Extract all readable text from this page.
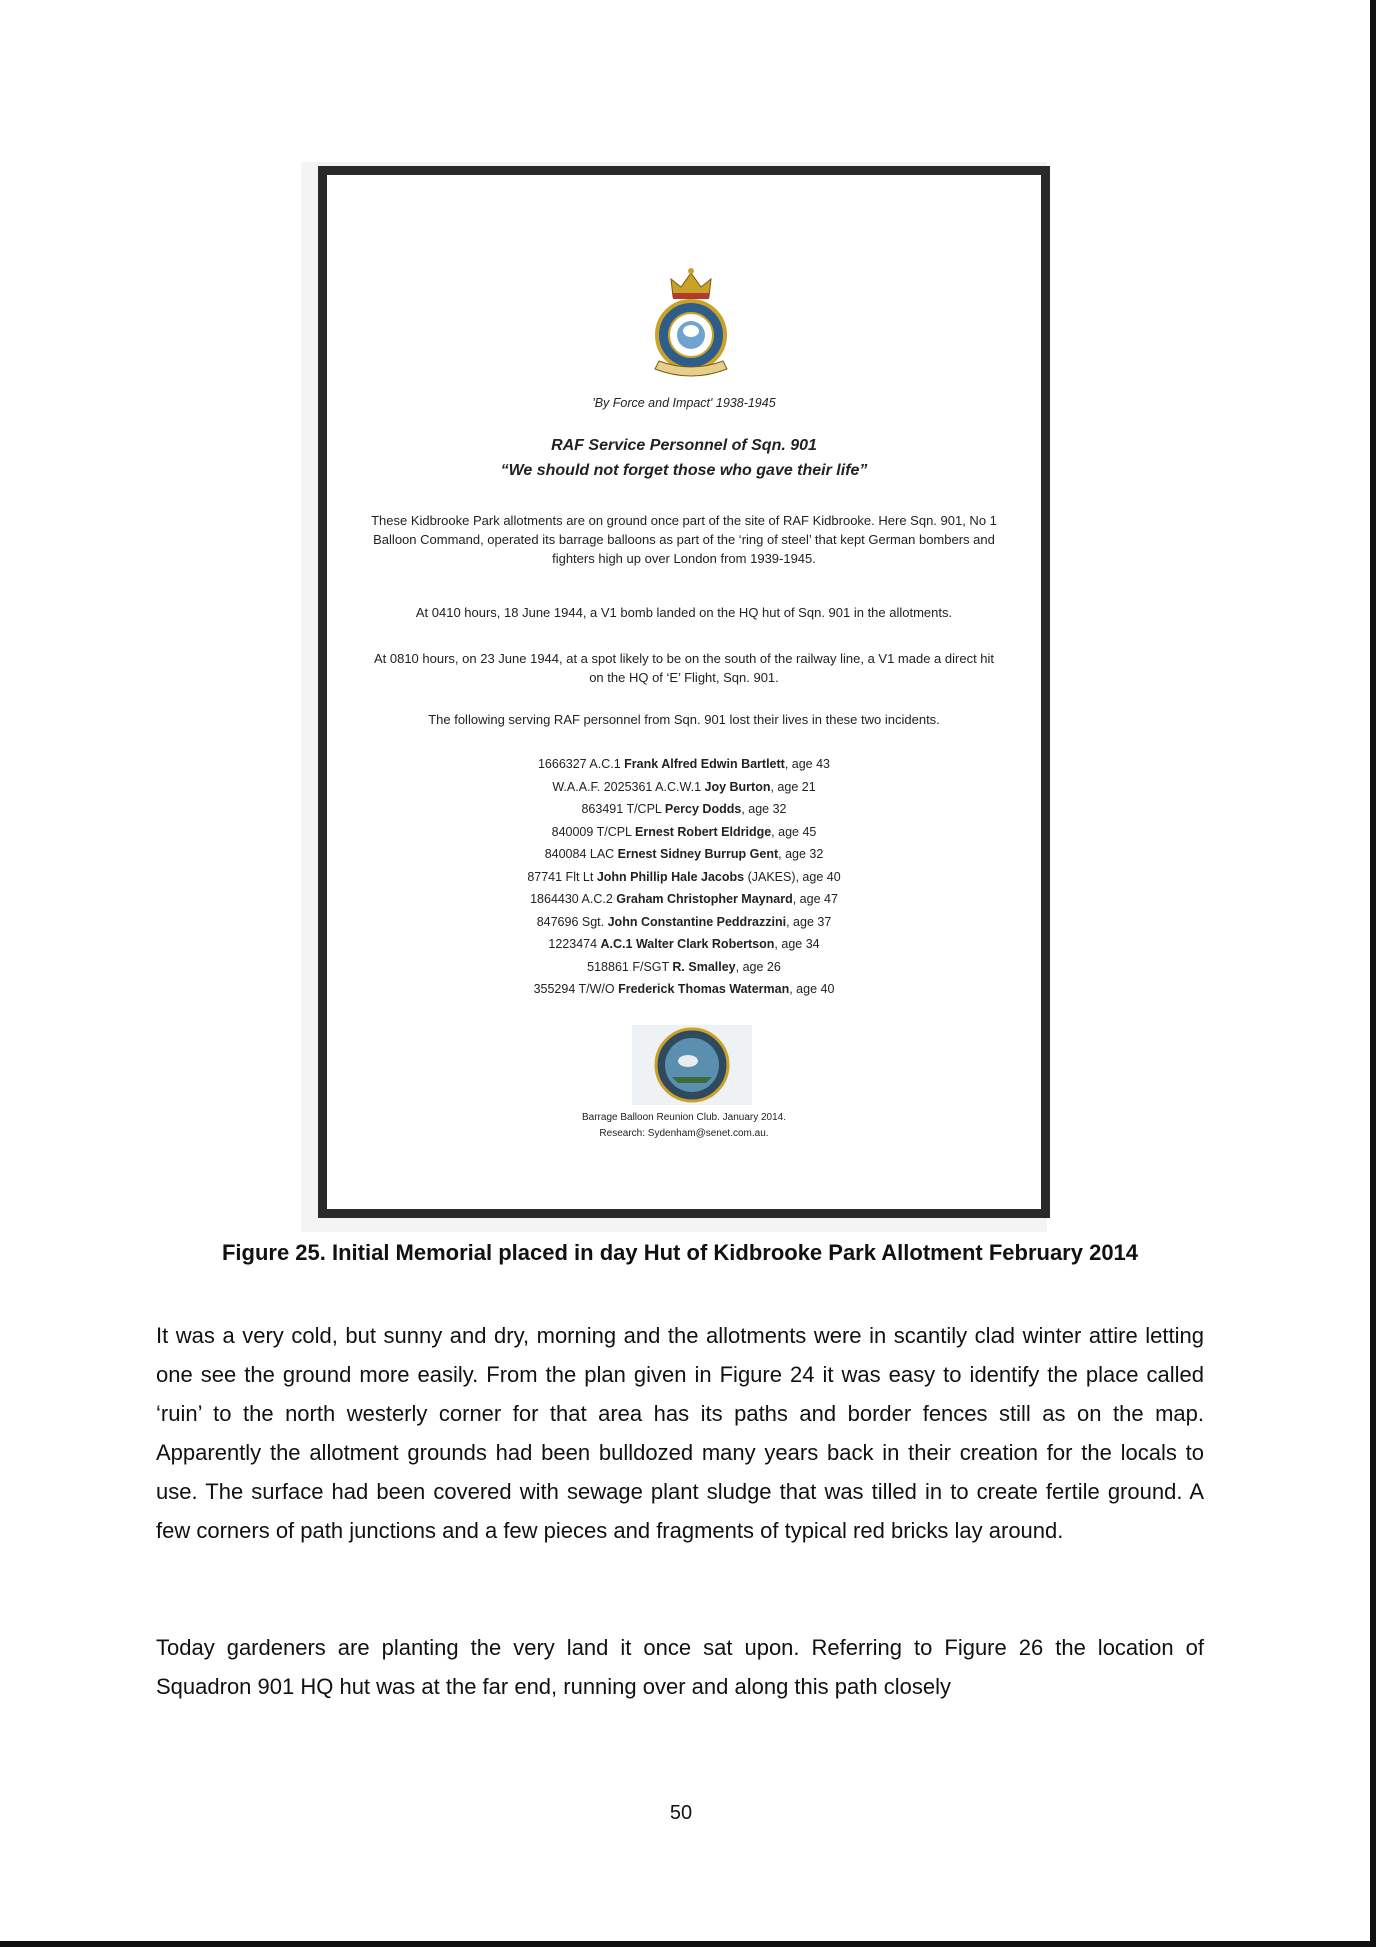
'By Force and Impact' 1938-1945
RAF Service Personnel of Sqn. 901
“We should not forget those who gave their life”
These Kidbrooke Park allotments are on ground once part of the site of RAF Kidbrooke. Here Sqn. 901, No 1 Balloon Command, operated its barrage balloons as part of the ‘ring of steel’ that kept German bombers and fighters high up over London from 1939-1945.
At 0410 hours, 18 June 1944, a V1 bomb landed on the HQ hut of Sqn. 901 in the allotments.
At 0810 hours, on 23 June 1944, at a spot likely to be on the south of the railway line, a V1 made a direct hit on the HQ of ‘E’ Flight, Sqn. 901.
The following serving RAF personnel from Sqn. 901 lost their lives in these two incidents.
1666327 A.C.1 Frank Alfred Edwin Bartlett, age 43
W.A.A.F. 2025361 A.C.W.1 Joy Burton, age 21
863491 T/CPL Percy Dodds, age 32
840009 T/CPL Ernest Robert Eldridge, age 45
840084 LAC Ernest Sidney Burrup Gent, age 32
87741 Flt Lt John Phillip Hale Jacobs (JAKES), age 40
1864430 A.C.2 Graham Christopher Maynard, age 47
847696 Sgt. John Constantine Peddrazzini, age 37
1223474 A.C.1 Walter Clark Robertson, age 34
518861 F/SGT R. Smalley, age 26
355294 T/W/O Frederick Thomas Waterman, age 40
Barrage Balloon Reunion Club. January 2014.
Research: Sydenham@senet.com.au.
Figure 25. Initial Memorial placed in day Hut of Kidbrooke Park Allotment February 2014
It was a very cold, but sunny and dry, morning and the allotments were in scantily clad winter attire letting one see the ground more easily. From the plan given in Figure 24 it was easy to identify the place called ‘ruin’ to the north westerly corner for that area has its paths and border fences still as on the map. Apparently the allotment grounds had been bulldozed many years back in their creation for the locals to use. The surface had been covered with sewage plant sludge that was tilled in to create fertile ground. A few corners of path junctions and a few pieces and fragments of typical red bricks lay around.
Today gardeners are planting the very land it once sat upon. Referring to Figure 26 the location of Squadron 901 HQ hut was at the far end, running over and along this path closely
50
